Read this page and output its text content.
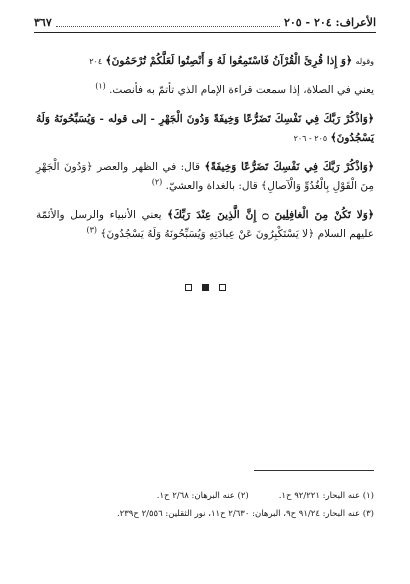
الأعراف: ٢٠٤ - ٢٠٥
٣٦٧

وقوله ﴿وَ إِذا قُرِئَ الْقُرْآنُ فَاسْتَمِعُوا لَهُ وَ أَنْصِتُوا لَعَلَّكُمْ تُرْحَمُونَ﴾ ٢٠٤

يعني في الصلاة، إذا سمعت قراءة الإمام الذي تأتمّ به فأنصت. $^{(١)}$

﴿وَاذْكُرْ رَبَّكَ فِي نَفْسِكَ تَضَرُّعًا وَخِيفَةً وَدُونَ الْجَهْرِ - إلى قوله - وَيُسَبِّحُونَهُ وَلَهُ يَسْجُدُونَ﴾ ٢٠٥ - ٢٠٦

﴿وَاذْكُرْ رَبَّكَ فِي نَفْسِكَ تَضَرُّعًا وَخِيفَةً﴾ قال: في الظهر والعصر ﴿وَدُونَ الْجَهْرِ مِنَ الْقَوْلِ بِالْغُدُوِّ وَالْآصالِ﴾ قال: بالغداة والعشيّ. $^{(٢)}$

﴿وَلا تَكُنْ مِنَ الْغافِلِينَ ۝ إِنَّ الَّذِينَ عِنْدَ رَبِّكَ﴾ يعني الأنبياء والرسل والأئمّة عليهم السلام ﴿لا يَسْتَكْبِرُونَ عَنْ عِبادَتِهِ وَيُسَبِّحُونَهُ وَلَهُ يَسْجُدُونَ﴾ $^{(٣)}$

(١) عنه البحار: ٩٢/٢٢١ ح١.
(٢) عنه البرهان: ٢/٦٨ ح١.
(٣) عنه البحار: ٩١/٢٤ ح٩، البرهان: ٢/٦٣٠ ح١١، نور الثقلين: ٢/٥٥٦ ح٢٣٩.
